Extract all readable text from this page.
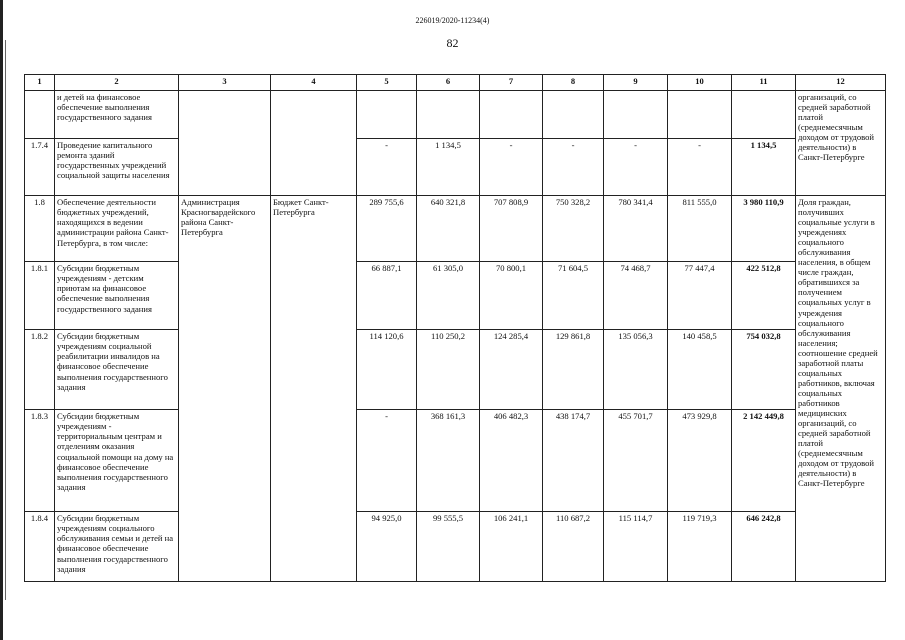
226019/2020-11234(4)
82
1	2	3	4	5	6	7	8	9	10	11	12
	и детей на финансовое обеспечение выполнения государственного задания										организаций, со средней заработной платой (среднемесячным доходом от трудовой деятельности) в Санкт-Петербурге
1.7.4	Проведение капитального ремонта зданий государственных учреждений социальной защиты населения			-	1 134,5	-	-	-	-	1 134,5	
1.8	Обеспечение деятельности бюджетных учреждений, находящихся в ведении администрации района Санкт-Петербурга, в том числе:	Администрация Красногвардейского района Санкт-Петербурга	Бюджет Санкт-Петербурга	289 755,6	640 321,8	707 808,9	750 328,2	780 341,4	811 555,0	3 980 110,9	Доля граждан, получивших социальные услуги в учреждениях социального обслуживания населения, в общем числе граждан, обратившихся за получением социальных услуг в учреждения социального обслуживания населения; соотношение средней заработной платы социальных работников, включая социальных работников медицинских организаций, со средней заработной платой (среднемесячным доходом от трудовой деятельности) в Санкт-Петербурге
1.8.1	Субсидии бюджетным учреждениям - детским приютам на финансовое обеспечение выполнения государственного задания			66 887,1	61 305,0	70 800,1	71 604,5	74 468,7	77 447,4	422 512,8	
1.8.2	Субсидии бюджетным учреждениям социальной реабилитации инвалидов на финансовое обеспечение выполнения государственного задания			114 120,6	110 250,2	124 285,4	129 861,8	135 056,3	140 458,5	754 032,8	
1.8.3	Субсидии бюджетным учреждениям - территориальным центрам и отделениям оказания социальной помощи на дому на финансовое обеспечение выполнения государственного задания			-	368 161,3	406 482,3	438 174,7	455 701,7	473 929,8	2 142 449,8	
1.8.4	Субсидии бюджетным учреждениям социального обслуживания семьи и детей на финансовое обеспечение выполнения государственного задания			94 925,0	99 555,5	106 241,1	110 687,2	115 114,7	119 719,3	646 242,8	
